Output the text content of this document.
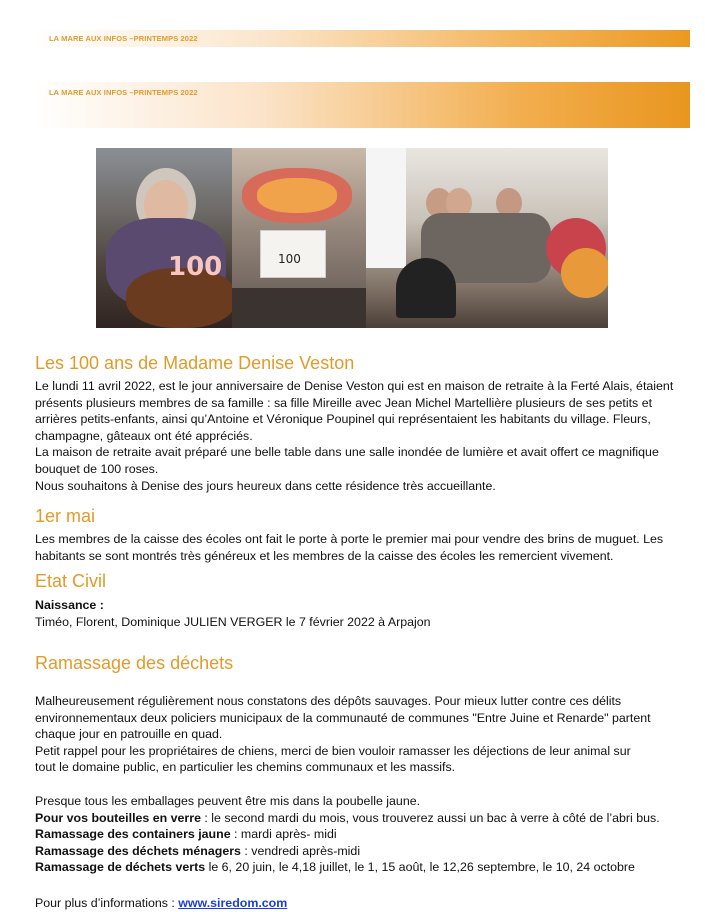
LA MARE AUX INFOS –PRINTEMPS 2022
LA MARE AUX INFOS –PRINTEMPS 2022
100	100
Les 100 ans de Madame Denise Veston
Le lundi 11 avril 2022, est le jour anniversaire de Denise Veston qui est en maison de retraite à la Ferté Alais, étaient
présents plusieurs membres de sa famille : sa fille Mireille avec Jean Michel Martellière plusieurs de ses petits et
arrières petits-enfants, ainsi qu’Antoine et Véronique Poupinel qui représentaient les habitants du village. Fleurs,
champagne, gâteaux ont été appréciés.
La maison de retraite avait préparé une belle table dans une salle inondée de lumière et avait offert ce magnifique
bouquet de 100 roses.
Nous souhaitons à Denise des jours heureux dans cette résidence très accueillante.
1er mai
Les membres de la caisse des écoles ont fait le porte à porte le premier mai pour vendre des brins de muguet. Les
habitants se sont montrés très généreux et les membres de la caisse des écoles les remercient vivement.
Etat Civil
Naissance :
Timéo, Florent, Dominique JULIEN VERGER le 7 février 2022 à Arpajon
Ramassage des déchets
Malheureusement régulièrement nous constatons des dépôts sauvages. Pour mieux lutter contre ces délits
environnementaux deux policiers municipaux de la communauté de communes "Entre Juine et Renarde" partent
chaque jour en patrouille en quad.
Petit rappel pour les propriétaires de chiens, merci de bien vouloir ramasser les déjections de leur animal sur
tout le domaine public, en particulier les chemins communaux et les massifs.
Presque tous les emballages peuvent être mis dans la poubelle jaune.
Pour vos bouteilles en verre : le second mardi du mois, vous trouverez aussi un bac à verre à côté de l’abri bus.
Ramassage des containers jaune : mardi après- midi
Ramassage des déchets ménagers : vendredi après-midi
Ramassage de déchets verts le 6, 20 juin, le 4,18 juillet, le 1, 15 août, le 12,26 septembre, le 10, 24 octobre
Pour plus d’informations : www.siredom.com
